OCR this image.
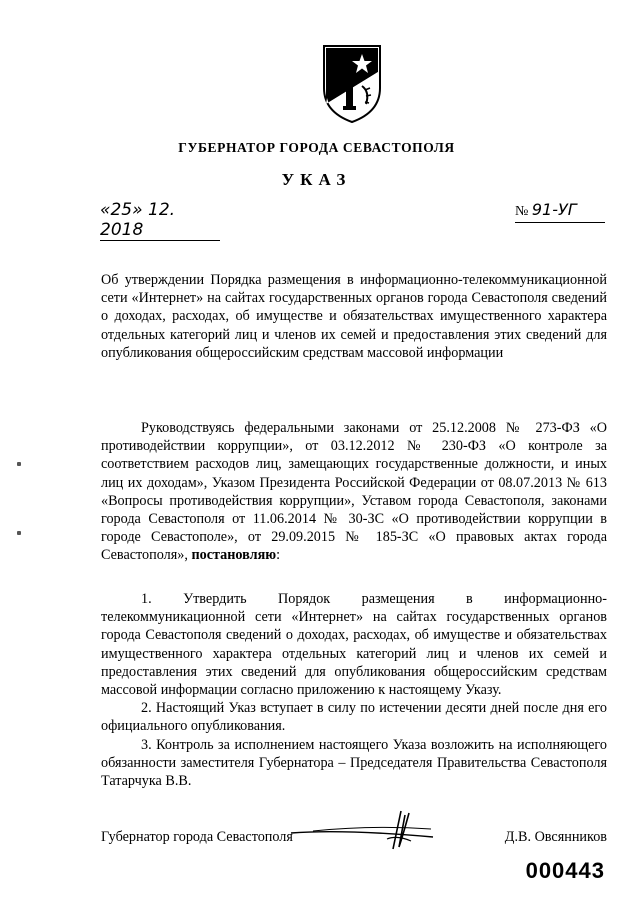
ГУБЕРНАТОР ГОРОДА СЕВАСТОПОЛЯ
УКАЗ
«25» 12. 2018
№ 91-УГ
Об утверждении Порядка размещения в информационно-телекоммуникационной сети «Интернет» на сайтах государственных органов города Севастополя сведений о доходах, расходах, об имуществе и обязательствах имущественного характера отдельных категорий лиц и членов их семей и предоставления этих сведений для опубликования общероссийским средствам массовой информации
Руководствуясь федеральными законами от 25.12.2008 № 273-ФЗ «О противодействии коррупции», от 03.12.2012 № 230-ФЗ «О контроле за соответствием расходов лиц, замещающих государственные должности, и иных лиц их доходам», Указом Президента Российской Федерации от 08.07.2013 № 613 «Вопросы противодействия коррупции», Уставом города Севастополя, законами города Севастополя от 11.06.2014 № 30-ЗС «О противодействии коррупции в городе Севастополе», от 29.09.2015 № 185-ЗС «О правовых актах города Севастополя», постановляю:
1. Утвердить Порядок размещения в информационно-телекоммуникационной сети «Интернет» на сайтах государственных органов города Севастополя сведений о доходах, расходах, об имуществе и обязательствах имущественного характера отдельных категорий лиц и членов их семей и предоставления этих сведений для опубликования общероссийским средствам массовой информации согласно приложению к настоящему Указу.
2. Настоящий Указ вступает в силу по истечении десяти дней после дня его официального опубликования.
3. Контроль за исполнением настоящего Указа возложить на исполняющего обязанности заместителя Губернатора – Председателя Правительства Севастополя Татарчука В.В.
Губернатор города Севастополя	Д.В. Овсянников
000443
